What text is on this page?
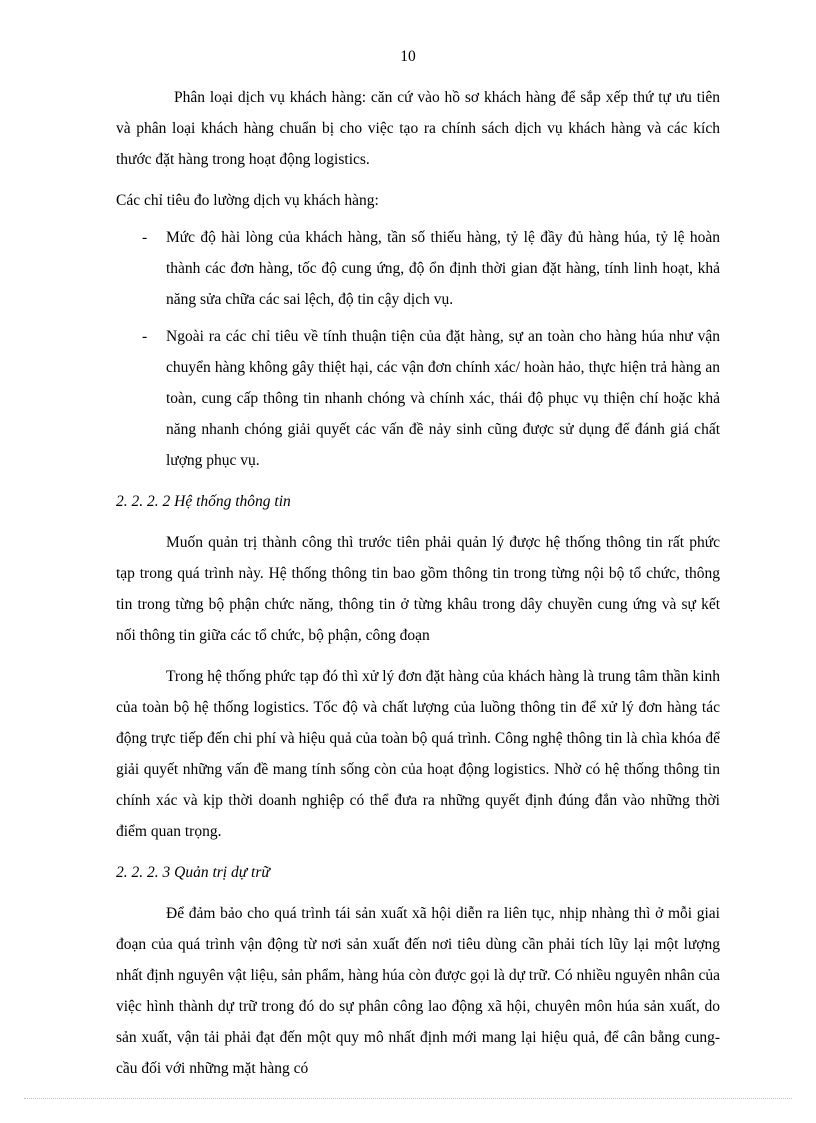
10

Phân loại dịch vụ khách hàng: căn cứ vào hồ sơ khách hàng để sắp xếp thứ tự ưu tiên và phân loại khách hàng chuẩn bị cho việc tạo ra chính sách dịch vụ khách hàng và các kích thước đặt hàng trong hoạt động logistics.

Các chỉ tiêu đo lường dịch vụ khách hàng:

- Mức độ hài lòng của khách hàng, tần số thiếu hàng, tỷ lệ đầy đủ hàng húa, tỷ lệ hoàn thành các đơn hàng, tốc độ cung ứng, độ ổn định thời gian đặt hàng, tính linh hoạt, khả năng sửa chữa các sai lệch, độ tin cậy dịch vụ.
- Ngoài ra các chỉ tiêu về tính thuận tiện của đặt hàng, sự an toàn cho hàng húa như vận chuyển hàng không gây thiệt hại, các vận đơn chính xác/ hoàn hảo, thực hiện trả hàng an toàn, cung cấp thông tin nhanh chóng và chính xác, thái độ phục vụ thiện chí hoặc khả năng nhanh chóng giải quyết các vấn đề nảy sinh cũng được sử dụng để đánh giá chất lượng phục vụ.
2. 2. 2. 2 Hệ thống thông tin

Muốn quản trị thành công thì trước tiên phải quản lý được hệ thống thông tin rất phức tạp trong quá trình này. Hệ thống thông tin bao gồm thông tin trong từng nội bộ tổ chức, thông tin trong từng bộ phận chức năng, thông tin ở từng khâu trong dây chuyền cung ứng và sự kết nối thông tin giữa các tổ chức, bộ phận, công đoạn

Trong hệ thống phức tạp đó thì xử lý đơn đặt hàng của khách hàng là trung tâm thần kinh của toàn bộ hệ thống logistics. Tốc độ và chất lượng của luồng thông tin để xử lý đơn hàng tác động trực tiếp đến chi phí và hiệu quả của toàn bộ quá trình. Công nghệ thông tin là chìa khóa để giải quyết những vấn đề mang tính sống còn của hoạt động logistics. Nhờ có hệ thống thông tin chính xác và kịp thời doanh nghiệp có thể đưa ra những quyết định đúng đắn vào những thời điểm quan trọng.

2. 2. 2. 3 Quản trị dự trữ

Để đảm bảo cho quá trình tái sản xuất xã hội diễn ra liên tục, nhịp nhàng thì ở mỗi giai đoạn của quá trình vận động từ nơi sản xuất đến nơi tiêu dùng cần phải tích lũy lại một lượng nhất định nguyên vật liệu, sản phẩm, hàng húa còn được gọi là dự trữ. Có nhiều nguyên nhân của việc hình thành dự trữ trong đó do sự phân công lao động xã hội, chuyên môn húa sản xuất, do sản xuất, vận tải phải đạt đến một quy mô nhất định mới mang lại hiệu quả, để cân bằng cung- cầu đối với những mặt hàng có
